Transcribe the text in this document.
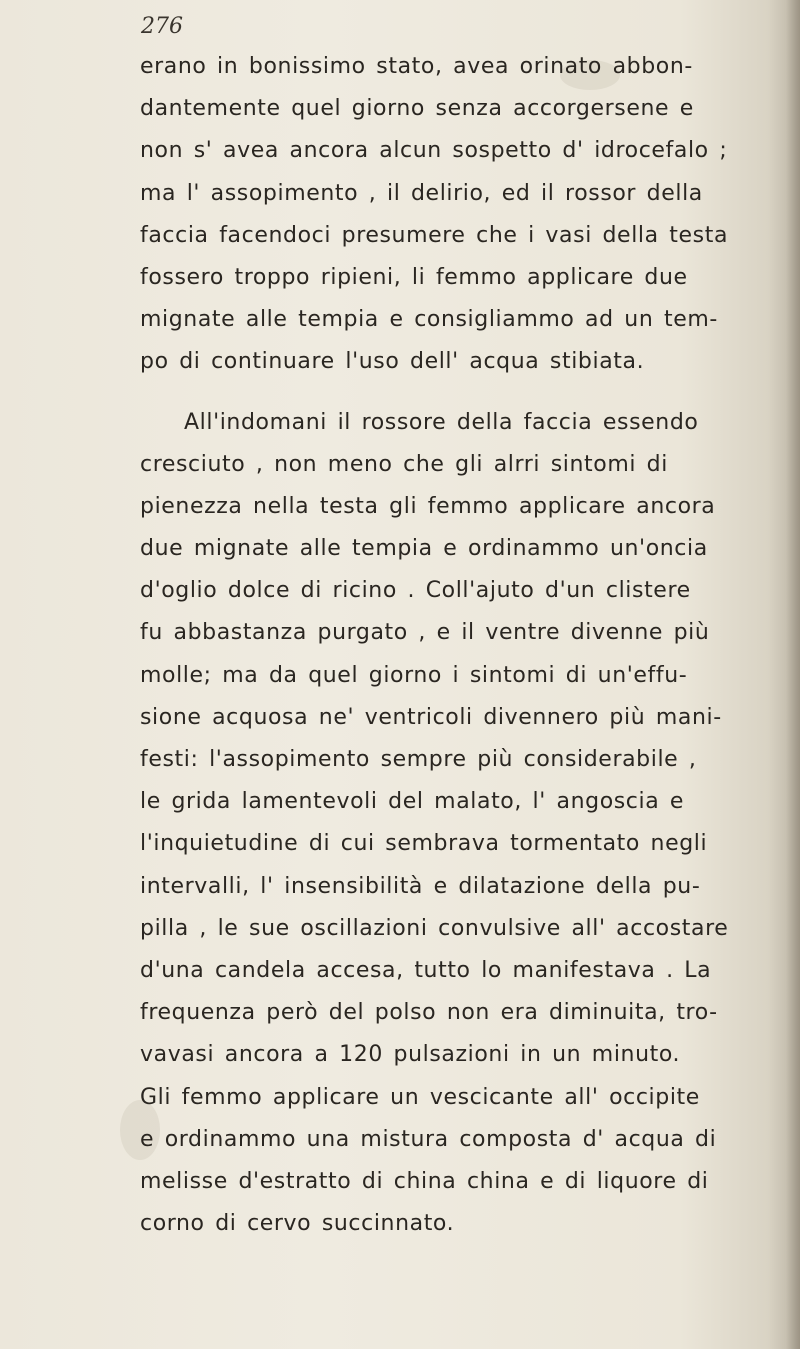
276
erano in bonissimo stato, avea orinato abbon-
dantemente quel giorno senza accorgersene e
non s' avea ancora alcun sospetto d' idrocefalo ;
ma l' assopimento , il delirio, ed il rossor della
faccia facendoci presumere che i vasi della testa
fossero troppo ripieni, li femmo applicare due
mignate alle tempia e consigliammo ad un tem-
po di continuare l'uso dell' acqua stibiata.
All'indomani il rossore della faccia essendo
cresciuto , non meno che gli alrri sintomi di
pienezza nella testa gli femmo applicare ancora
due mignate alle tempia e ordinammo un'oncia
d'oglio dolce di ricino . Coll'ajuto d'un clistere
fu abbastanza purgato , e il ventre divenne più
molle; ma da quel giorno i sintomi di un'effu-
sione acquosa ne' ventricoli divennero più mani-
festi: l'assopimento sempre più considerabile ,
le grida lamentevoli del malato, l' angoscia e
l'inquietudine di cui sembrava tormentato negli
intervalli, l' insensibilità e dilatazione della pu-
pilla , le sue oscillazioni convulsive all' accostare
d'una candela accesa, tutto lo manifestava . La
frequenza però del polso non era diminuita, tro-
vavasi ancora a 120 pulsazioni in un minuto.
Gli femmo applicare un vescicante all' occipite
e ordinammo una mistura composta d' acqua di
melisse d'estratto di china china e di liquore di
corno di cervo succinnato.
